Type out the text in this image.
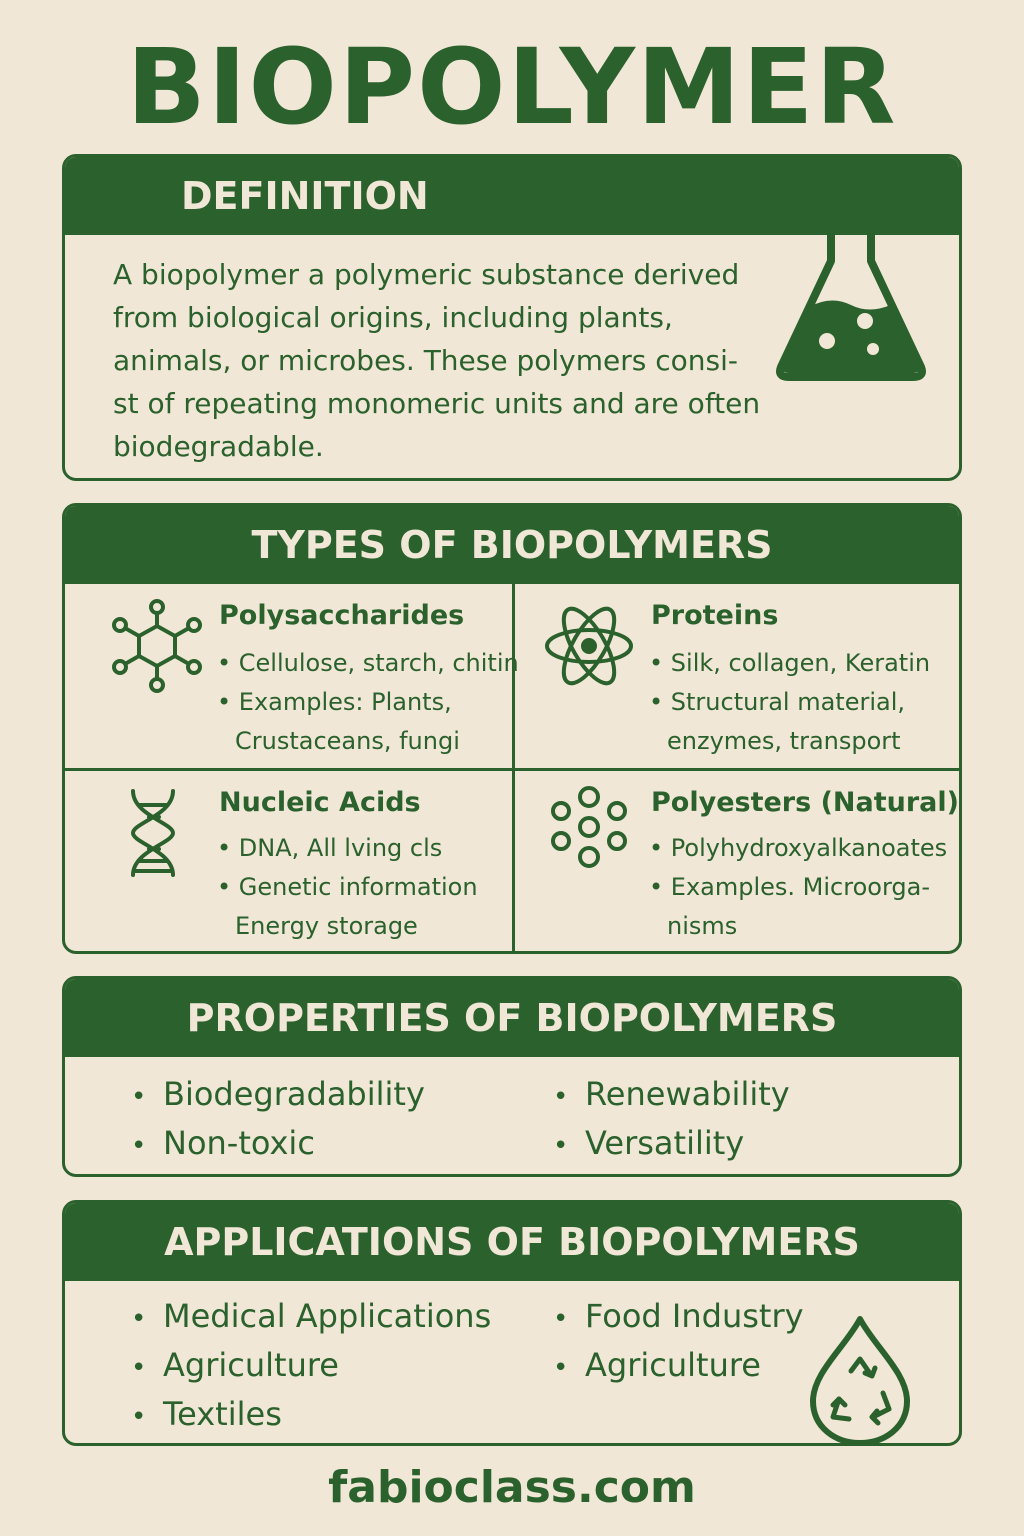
BIOPOLYMER
DEFINITION
A biopolymer a polymeric substance derived
from biological origins, including plants,
animals, or microbes. These polymers consi-
st of repeating monomeric units and are often
biodegradable.
TYPES OF BIOPOLYMERS
Polysaccharides
• Cellulose, starch, chitin
• Examples: Plants,
Crustaceans, fungi
Proteins
• Silk, collagen, Keratin
• Structural material,
enzymes, transport
Nucleic Acids
• DNA, All lving cls
• Genetic information
Energy storage
Polyesters (Natural)
• Polyhydroxyalkanoates
• Examples. Microorga-
nisms
PROPERTIES OF BIOPOLYMERS
• Biodegradability
• Non-toxic
• Renewability
• Versatility
APPLICATIONS OF BIOPOLYMERS
• Medical Applications
• Agriculture
• Textiles
• Food Industry
• Agriculture
fabioclass.com
